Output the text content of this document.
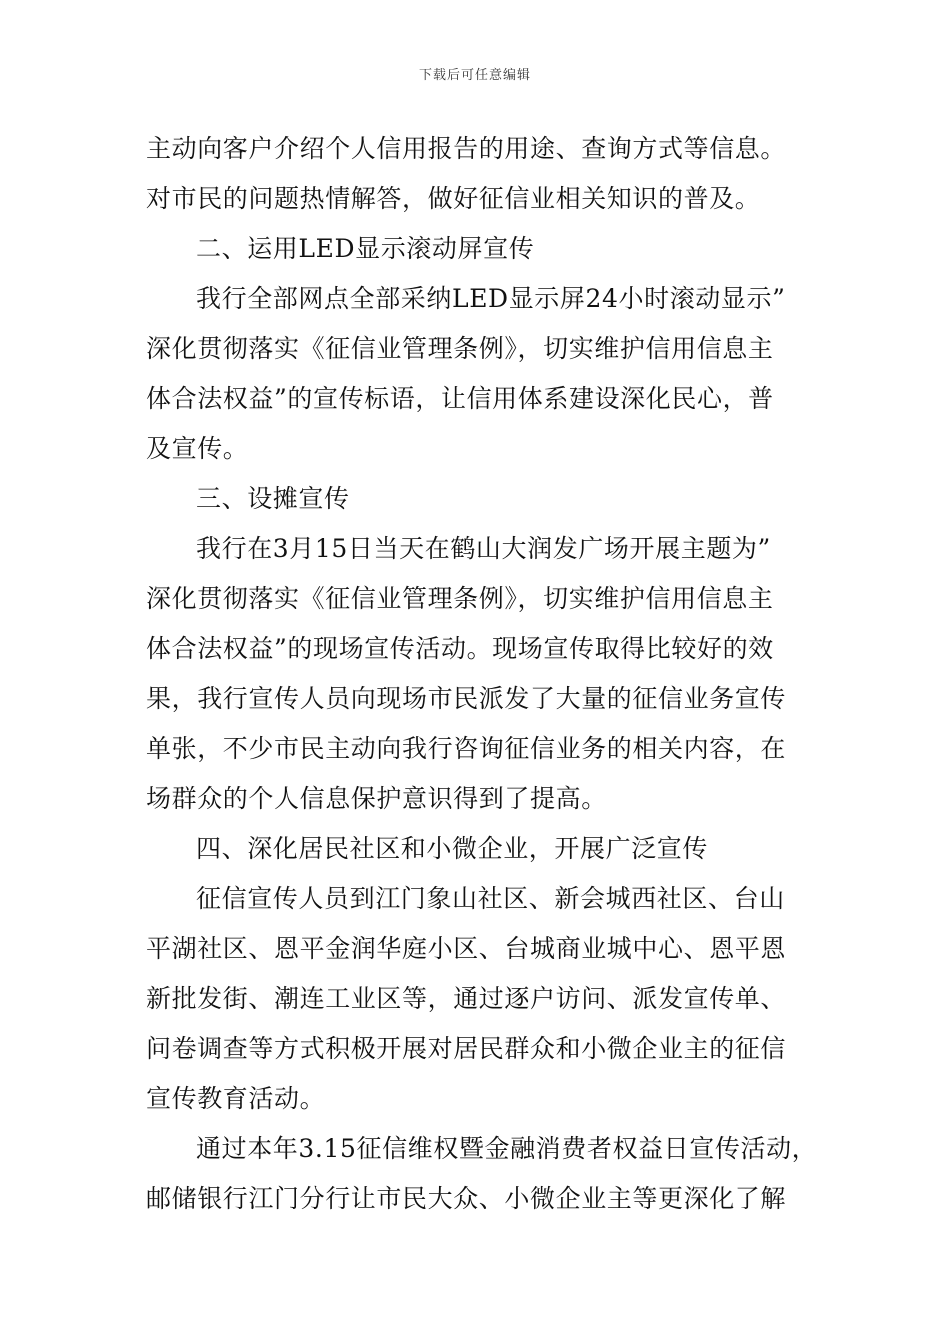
下载后可任意编辑
主动向客户介绍个人信用报告的用途、查询方式等信息。
对市民的问题热情解答，做好征信业相关知识的普及。
二、运用LED显示滚动屏宣传
我行全部网点全部采纳LED显示屏24小时滚动显示”
深化贯彻落实《征信业管理条例》，切实维护信用信息主
体合法权益”的宣传标语，让信用体系建设深化民心，普
及宣传。
三、设摊宣传
我行在3月15日当天在鹤山大润发广场开展主题为”
深化贯彻落实《征信业管理条例》，切实维护信用信息主
体合法权益”的现场宣传活动。现场宣传取得比较好的效
果，我行宣传人员向现场市民派发了大量的征信业务宣传
单张，不少市民主动向我行咨询征信业务的相关内容，在
场群众的个人信息保护意识得到了提高。
四、深化居民社区和小微企业，开展广泛宣传
征信宣传人员到江门象山社区、新会城西社区、台山
平湖社区、恩平金润华庭小区、台城商业城中心、恩平恩
新批发街、潮连工业区等，通过逐户访问、派发宣传单、
问卷调查等方式积极开展对居民群众和小微企业主的征信
宣传教育活动。
通过本年3.15征信维权暨金融消费者权益日宣传活动，
邮储银行江门分行让市民大众、小微企业主等更深化了解
